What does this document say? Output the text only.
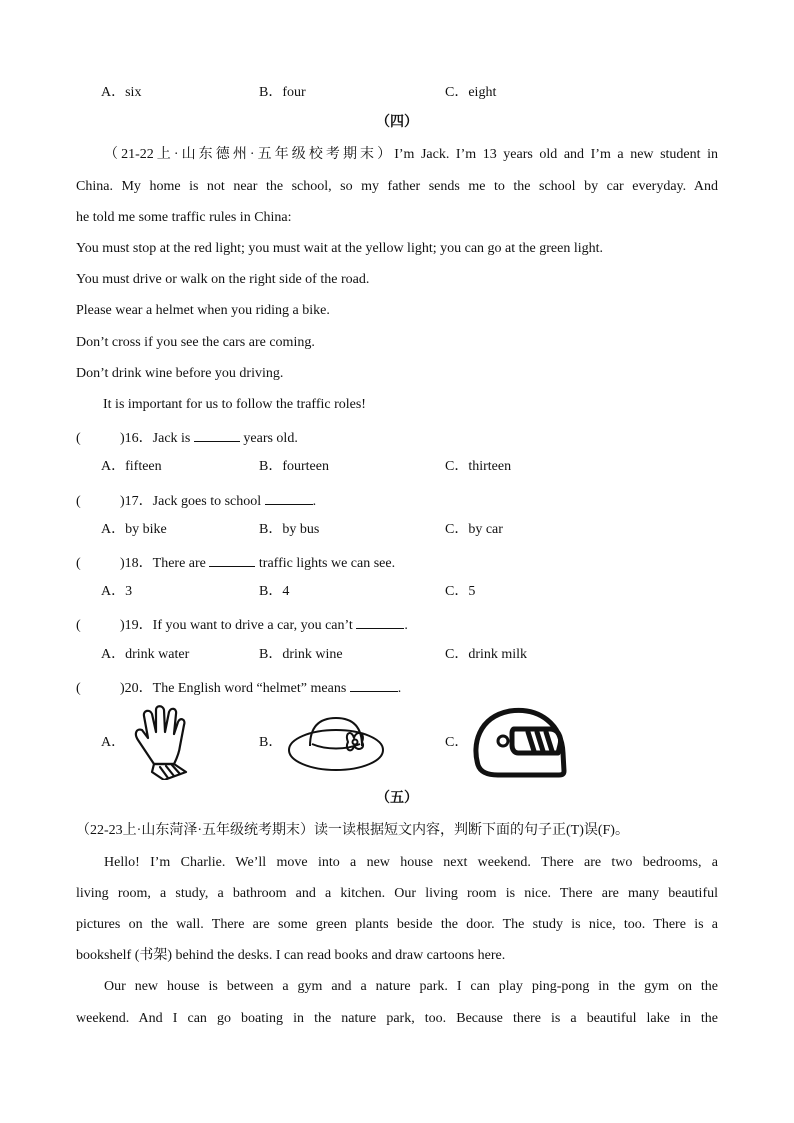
A．six	B．four	C．eight
（四）
（21-22上·山东德州·五年级校考期末）I’m Jack. I’m 13 years old and I’m a new student in
China. My home is not near the school, so my father sends me to the school by car everyday. And
he told me some traffic rules in China:
You must stop at the red light; you must wait at the yellow light; you can go at the green light.
You must drive or walk on the right side of the road.
Please wear a helmet when you riding a bike.
Don’t cross if you see the cars are coming.
Don’t drink wine before you driving.
It is important for us to follow the traffic roles!
(	)16．Jack is	years old.
A．fifteen	B．fourteen	C．thirteen
(	)17．Jack goes to school	.
A．by bike	B．by bus	C．by car
(	)18．There are	traffic lights we can see.
A．3	B．4	C．5
(	)19．If you want to drive a car, you can’t	.
A．drink water	B．drink wine	C．drink milk
(	)20．The English word “helmet” means	.
A．	B．	C．
（五）
（22-23上·山东菏泽·五年级统考期末）读一读根据短文内容，判断下面的句子正(T)误(F)。
Hello! I’m Charlie. We’ll move into a new house next weekend. There are two bedrooms, a
living room, a study, a bathroom and a kitchen. Our living room is nice. There are many beautiful
pictures on the wall. There are some green plants beside the door. The study is nice, too. There is a
bookshelf (书架) behind the desks. I can read books and draw cartoons here.
Our new house is between a gym and a nature park. I can play ping-pong in the gym on the
weekend. And I can go boating in the nature park, too. Because there is a beautiful lake in the
